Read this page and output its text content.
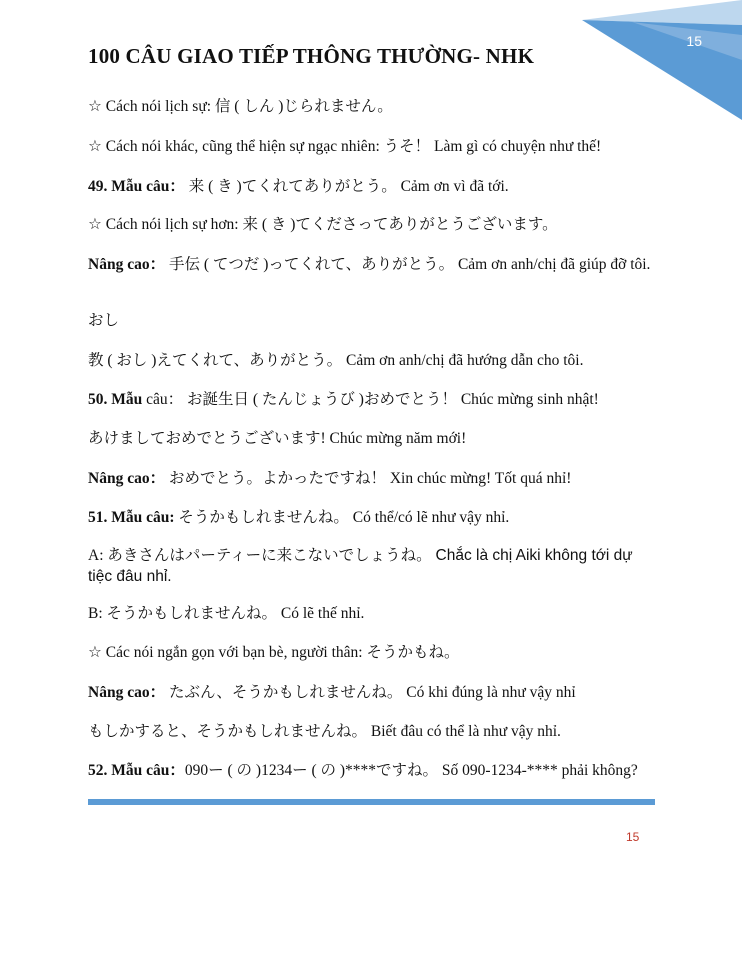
15
100 CÂU GIAO TIẾP THÔNG THƯỜNG- NHK

☆ Cách nói lịch sự: 信 ( しん )じられません。

☆ Cách nói khác, cũng thể hiện sự ngạc nhiên: うそ！ Làm gì có chuyện như thế!

49. Mẫu câu： 来 ( き )てくれてありがとう。 Cảm ơn vì đã tới.

☆ Cách nói lịch sự hơn: 来 ( き )てくださってありがとうございます。

Nâng cao： 手伝 ( てつだ )ってくれて、ありがとう。 Cảm ơn anh/chị đã giúp đỡ tôi.

おし

教 ( おし )えてくれて、ありがとう。 Cảm ơn anh/chị đã hướng dẫn cho tôi.

50. Mẫu câu： お誕生日 ( たんじょうび )おめでとう！ Chúc mừng sinh nhật!

あけましておめでとうございます! Chúc mừng năm mới!

Nâng cao： おめでとう。よかったですね！ Xin chúc mừng! Tốt quá nhỉ!

51. Mẫu câu: そうかもしれませんね。 Có thể/có lẽ như vậy nhỉ.

A: あきさんはパーティーに来こないでしょうね。 Chắc là chị Aiki không tới dự tiệc đâu nhỉ.

B: そうかもしれませんね。 Có lẽ thế nhỉ.

☆ Các nói ngắn gọn với bạn bè, người thân: そうかもね。

Nâng cao： たぶん、そうかもしれませんね。 Có khi đúng là như vậy nhỉ

もしかすると、そうかもしれませんね。 Biết đâu có thể là như vậy nhỉ.

52. Mẫu câu：090ー ( の )1234ー ( の )****ですね。 Số 090-1234-**** phải không?

15
